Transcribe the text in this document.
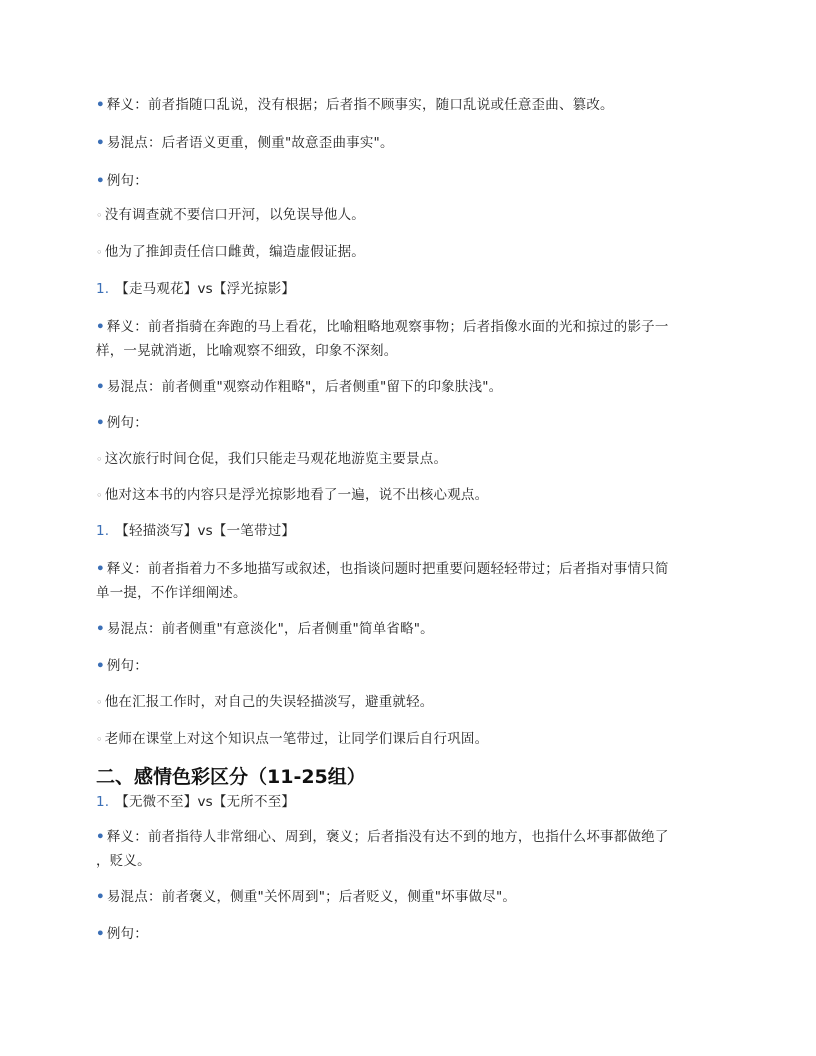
• 释义：前者指随口乱说，没有根据；后者指不顾事实，随口乱说或任意歪曲、篡改。
• 易混点：后者语义更重，侧重"故意歪曲事实"。
• 例句：
◦ 没有调查就不要信口开河，以免误导他人。
◦ 他为了推卸责任信口雌黄，编造虚假证据。
1. 【走马观花】vs【浮光掠影】
• 释义：前者指骑在奔跑的马上看花，比喻粗略地观察事物；后者指像水面的光和掠过的影子一
样，一晃就消逝，比喻观察不细致，印象不深刻。
• 易混点：前者侧重"观察动作粗略"，后者侧重"留下的印象肤浅"。
• 例句：
◦ 这次旅行时间仓促，我们只能走马观花地游览主要景点。
◦ 他对这本书的内容只是浮光掠影地看了一遍，说不出核心观点。
1. 【轻描淡写】vs【一笔带过】
• 释义：前者指着力不多地描写或叙述，也指谈问题时把重要问题轻轻带过；后者指对事情只简
单一提，不作详细阐述。
• 易混点：前者侧重"有意淡化"，后者侧重"简单省略"。
• 例句：
◦ 他在汇报工作时，对自己的失误轻描淡写，避重就轻。
◦ 老师在课堂上对这个知识点一笔带过，让同学们课后自行巩固。
二、感情色彩区分（11-25组）
1. 【无微不至】vs【无所不至】
• 释义：前者指待人非常细心、周到，褒义；后者指没有达不到的地方，也指什么坏事都做绝了
，贬义。
• 易混点：前者褒义，侧重"关怀周到"；后者贬义，侧重"坏事做尽"。
• 例句：
